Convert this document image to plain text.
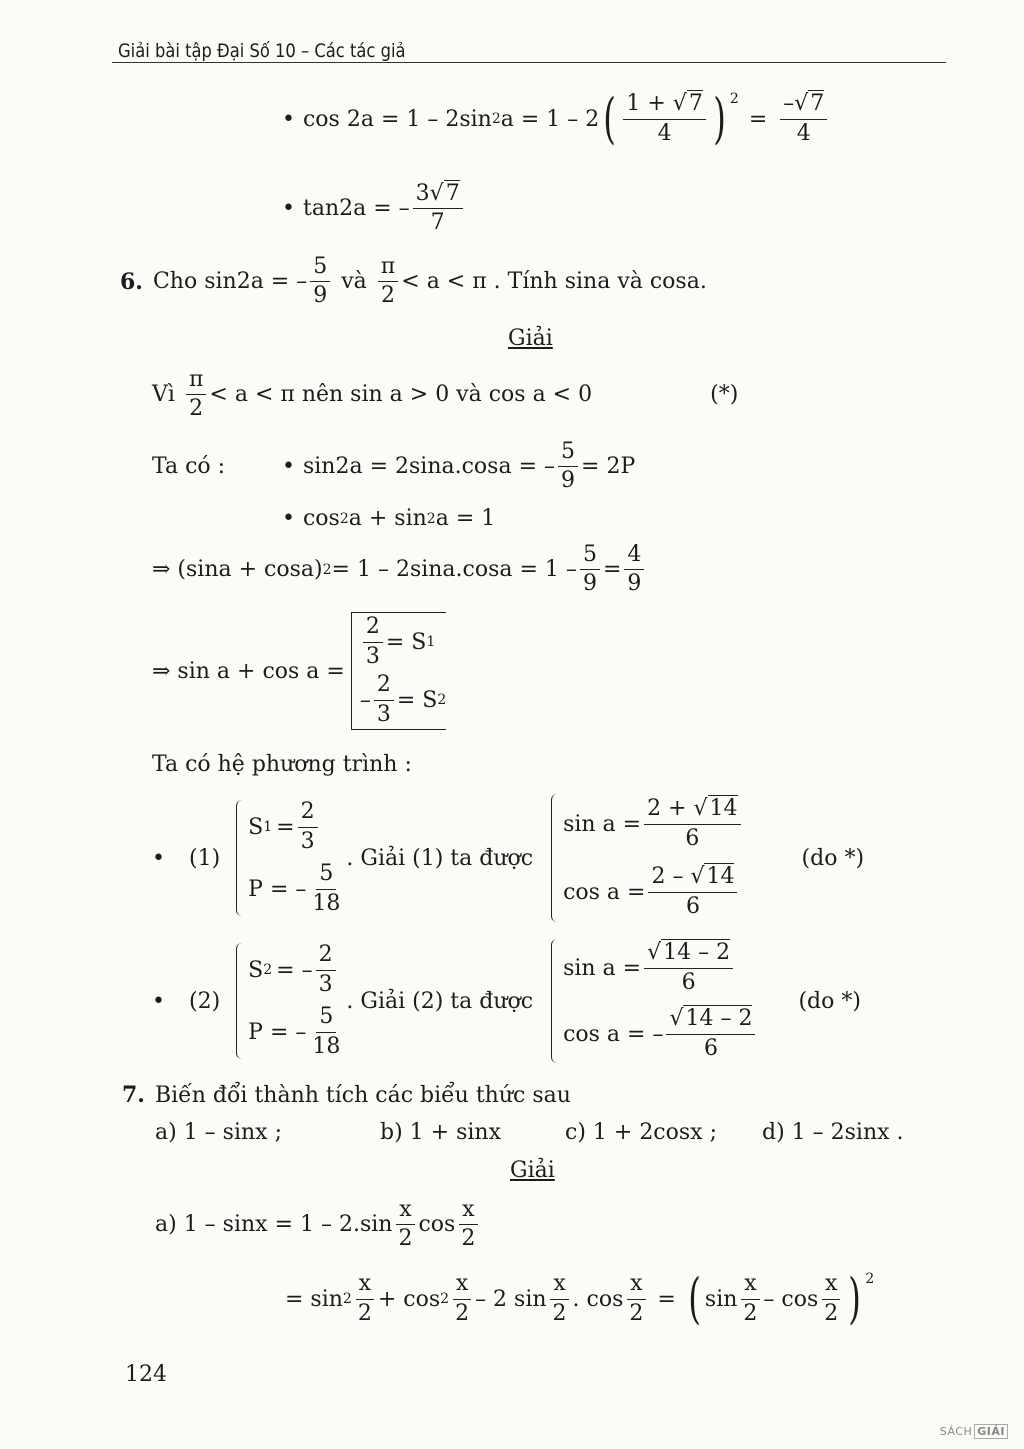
Giải bài tập Đại Số 10 – Các tác giả
• cos 2a = 1 – 2sin 2 a = 1 – 2 ( $\frac{1 + √7}{4}$ ) 2
= $\frac{-√7}{4}$
• tan2a = – $\frac{3√7}{7}$
6. Cho sin2a = – $\frac{5}{9}$ và $\frac{\pi}{2} < a < \pi$ . Tính sina và cosa.
Giải
Vì $\frac{\pi}{2} < a < \pi$ nên sin a > 0 và cos a < 0	(*)
Ta có :	• sin2a = 2sina.cosa = – $\frac{5}{9} = 2P$
• cos 2 a + sin 2 a = 1
⇒ (sina + cosa) $2 = 1 - 2\sin a.\cos a = 1 - \frac{5}{9} = \frac{4}{9}$
⇒ sin a + cos a =
$\frac{2}{3} = S$ 1
– $\frac{2}{3} = S$ 2
Ta có hệ phương trình :
• (1)
S $1 = \frac{2}{3}$
P = – $\frac{5}{18}$
. Giải (1) ta được
$\sin a = \frac{2 + √14}{6}$
$\cos a = \frac{2 - √14}{6}$
(do *)
• (2)
S 2 = – $\frac{2}{3}$
P = – $\frac{5}{18}$
. Giải (2) ta được
$\sin a = \frac{√14 - 2}{6}$
cos a = – $\frac{√14 - 2}{6}$
(do *)
7. Biến đổi thành tích các biểu thức sau
a) 1 – sinx ;	b) 1 + sinx	c) 1 + 2cosx ; d) 1 – 2sinx .
Giải
a) $1 - \sin x = 1 - 2.\sin \frac{x}{2}$ $\cos \frac{x}{2}$
= $\sin 2 \frac{x}{2} + \cos 2 \frac{x}{2} - 2$ $\sin \frac{x}{2}$ . $\cos \frac{x}{2}$ = ( $\sin \frac{x}{2}$ – $\cos \frac{x}{2}$ ) 2
124
SÁCH GIẢI
